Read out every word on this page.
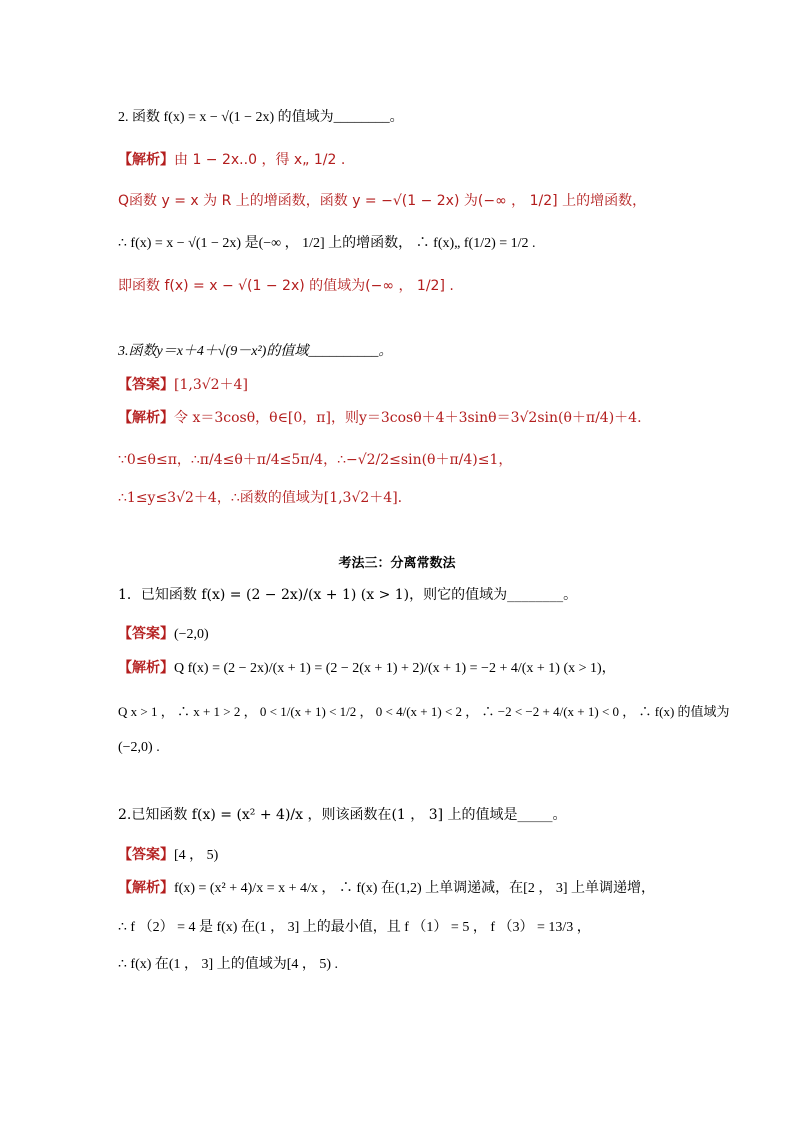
2. 函数 f(x) = x − √(1 − 2x) 的值域为________。
【解析】由 1 − 2x..0 ，得 x„ 1/2 .
Q函数 y = x 为 R 上的增函数，函数 y = −√(1 − 2x) 为(−∞ ， 1/2] 上的增函数，
∴ f(x) = x − √(1 − 2x) 是(−∞ ， 1/2] 上的增函数， ∴ f(x)„ f(1/2) = 1/2 .
即函数 f(x) = x − √(1 − 2x) 的值域为(−∞ ， 1/2] .
3.函数y＝x＋4＋√(9－x²)的值域__________。
【答案】[1,3√2＋4]
【解析】令 x＝3cosθ，θ∈[0，π]，则y＝3cosθ＋4＋3sinθ＝3√2sin(θ＋π/4)＋4.
∵0≤θ≤π，∴π/4≤θ＋π/4≤5π/4，∴−√2/2≤sin(θ＋π/4)≤1，
∴1≤y≤3√2＋4，∴函数的值域为[1,3√2＋4].
考法三：分离常数法
1．已知函数 f(x) = (2 − 2x)/(x + 1) (x > 1)，则它的值域为________。
【答案】(−2,0)
【解析】Q f(x) = (2 − 2x)/(x + 1) = (2 − 2(x + 1) + 2)/(x + 1) = −2 + 4/(x + 1) (x > 1)，
Q x > 1 ， ∴ x + 1 > 2 ， 0 < 1/(x + 1) < 1/2 ， 0 < 4/(x + 1) < 2 ， ∴ −2 < −2 + 4/(x + 1) < 0 ， ∴ f(x) 的值域为
(−2,0) .
2.已知函数 f(x) = (x² + 4)/x ，则该函数在(1 ， 3] 上的值域是_____。
【答案】[4 ， 5)
【解析】f(x) = (x² + 4)/x = x + 4/x ， ∴ f(x) 在(1,2) 上单调递减，在[2 ， 3] 上单调递增，
∴ f （2） = 4 是 f(x) 在(1 ， 3] 上的最小值，且 f （1） = 5 ， f （3） = 13/3 ，
∴ f(x) 在(1 ， 3] 上的值域为[4 ， 5) .
